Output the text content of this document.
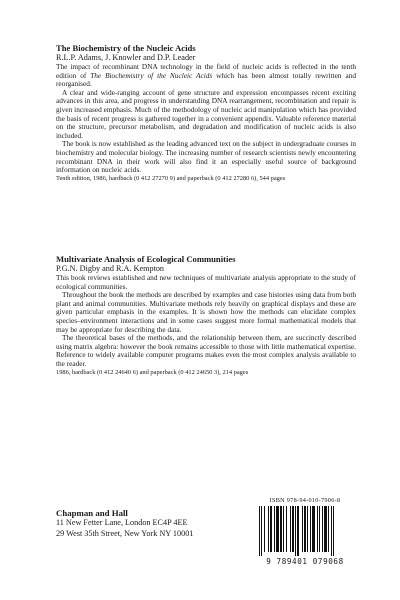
The Biochemistry of the Nucleic Acids
R.L.P. Adams, J. Knowler and D.P. Leader

The impact of recombinant DNA technology in the field of nucleic acids is reflected in the tenth edition of The Biochemistry of the Nucleic Acids which has been almost totally rewritten and reorganised.

A clear and wide-ranging account of gene structure and expression encompasses recent exciting advances in this area, and progress in understanding DNA rearrangement, recombination and repair is given increased emphasis. Much of the methodology of nucleic acid manipulation which has provided the basis of recent progress is gathered together in a convenient appendix. Valuable reference material on the structure, precursor metabolism, and degradation and modification of nucleic acids is also included.

The book is now established as the leading advanced text on the subject in undergraduate courses in biochemistry and molecular biology. The increasing number of research scientists newly encountering recombinant DNA in their work will also find it an especially useful source of background information on nucleic acids.

Tenth edition, 1986, hardback (0 412 27270 9) and paperback (0 412 27280 6), 544 pages

Multivariate Analysis of Ecological Communities
P.G.N. Digby and R.A. Kempton

This book reviews established and new techniques of multivariate analysis appropriate to the study of ecological communities.

Throughout the book the methods are described by examples and case histories using data from both plant and animal communities. Multivariate methods rely heavily on graphical displays and these are given particular emphasis in the examples. It is shown how the methods can elucidate complex species–environment interactions and in some cases suggest more formal mathematical models that may be appropriate for describing the data.

The theoretical bases of the methods, and the relationship between them, are succinctly described using matrix algebra: however the book remains accessible to those with little mathematical expertise. Reference to widely available computer programs makes even the most complex analysis available to the reader.

1986, hardback (0 412 24640 6) and paperback (0 412 24650 3), 214 pages

Chapman and Hall
11 New Fetter Lane, London EC4P 4EE
29 West 35th Street, New York NY 10001
ISBN 978-94-010-7906-8
9 789401 079068
